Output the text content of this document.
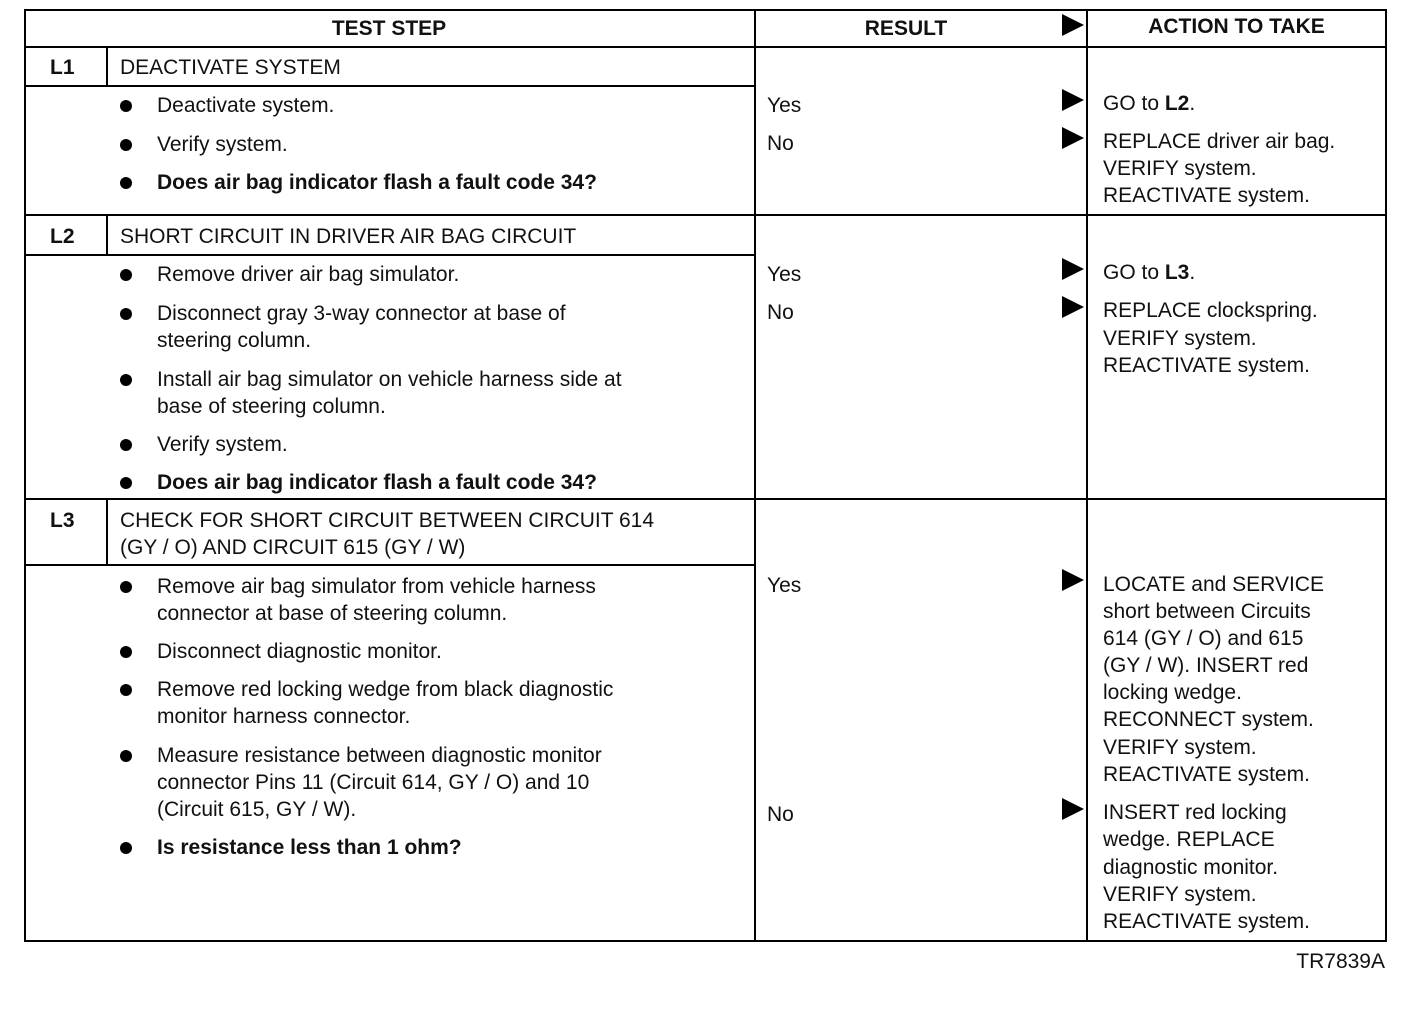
TEST STEP	RESULT	ACTION TO TAKE
L1 DEACTIVATE SYSTEM
Deactivate system.
Verify system.
Does air bag indicator flash a fault code 34?
Yes	GO to L2.
No	REPLACE driver air bag.
VERIFY system.
REACTIVATE system.
L2 SHORT CIRCUIT IN DRIVER AIR BAG CIRCUIT
Remove driver air bag simulator.
Disconnect gray 3-way connector at base of
steering column.
Install air bag simulator on vehicle harness side at
base of steering column.
Verify system.
Does air bag indicator flash a fault code 34?
Yes	GO to L3.
No	REPLACE clockspring.
VERIFY system.
REACTIVATE system.
L3 CHECK FOR SHORT CIRCUIT BETWEEN CIRCUIT 614
(GY / O) AND CIRCUIT 615 (GY / W)
Remove air bag simulator from vehicle harness
connector at base of steering column.
Disconnect diagnostic monitor.
Remove red locking wedge from black diagnostic
monitor harness connector.
Measure resistance between diagnostic monitor
connector Pins 11 (Circuit 614, GY / O) and 10
(Circuit 615, GY / W).
Is resistance less than 1 ohm?
Yes	LOCATE and SERVICE
short between Circuits
614 (GY / O) and 615
(GY / W). INSERT red
locking wedge.
RECONNECT system.
VERIFY system.
REACTIVATE system.
No	INSERT red locking
wedge. REPLACE
diagnostic monitor.
VERIFY system.
REACTIVATE system.
TR7839A
